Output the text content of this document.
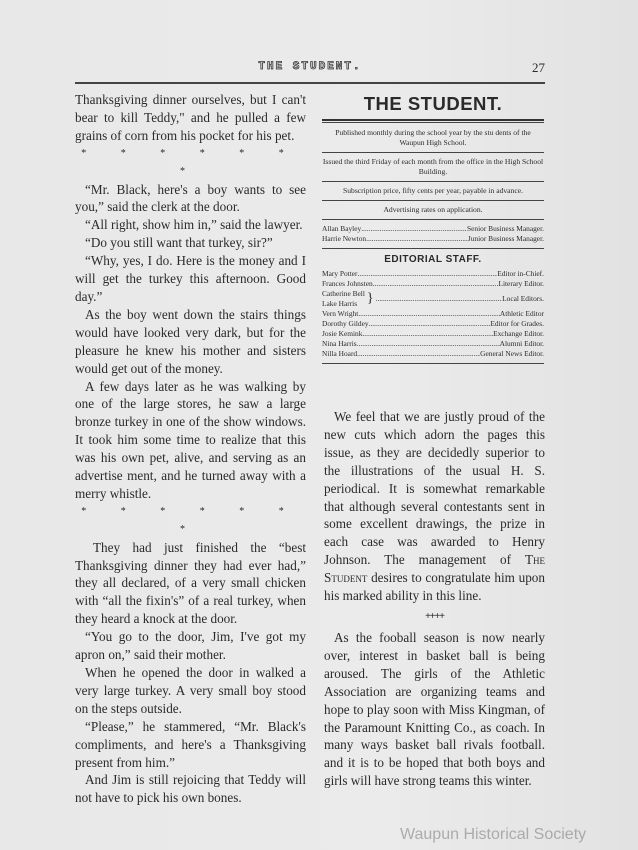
THE STUDENT.	27

Thanksgiving dinner ourselves, but I can't bear to kill Teddy," and he pulled a few grains of corn from his pocket for his pet.

* * * * * * *

“Mr. Black, here's a boy wants to see you,” said the clerk at the door.

“All right, show him in,” said the lawyer.

“Do you still want that turkey, sir?”

“Why, yes, I do. Here is the money and I will get the turkey this afternoon. Good day.”

As the boy went down the stairs things would have looked very dark, but for the pleasure he knew his mother and sisters would get out of the money.

A few days later as he was walking by one of the large stores, he saw a large bronze turkey in one of the show windows. It took him some time to realize that this was his own pet, alive, and serving as an advertise ment, and he turned away with a merry whistle.

* * * * * * *

They had just finished the “best Thanksgiving dinner they had ever had,” they all declared, of a very small chicken with “all the fixin's” of a real turkey, when they heard a knock at the door.

“You go to the door, Jim, I've got my apron on,” said their mother.

When he opened the door in walked a very large turkey. A very small boy stood on the steps outside.

“Please,” he stammered, “Mr. Black's compliments, and here's a Thanksgiving present from him.”

And Jim is still rejoicing that Teddy will not have to pick his own bones.

THE STUDENT.
Published monthly during the school year by the stu dents of the Waupun High School.
Issued the third Friday of each month from the office in the High School Building.
Subscription price, fifty cents per year, payable in advance.
Advertising rates on application.
Allan Bayley .....	Senior Business Manager.
Harrie Newton .....	Junior Business Manager.
EDITORIAL STAFF.
Mary Potter .....	Editor in-Chief.
Frances Johnsten .....	Literary Editor.
Catherine Bell
Lake Harris } .....	Local Editors.
Vern Wright .....	Athletic Editor
Dorothy Gildey .....	Editor for Grades.
Josie Kemink .....	Exchange Editor.
Nina Harris .....	Alumni Editor.
Nilla Hoard .....	General News Editor.

We feel that we are justly proud of the new cuts which adorn the pages this issue, as they are decidedly superior to the illustrations of the usual H. S. periodical. It is somewhat remarkable that although several contestants sent in some excellent drawings, the prize in each case was awarded to Henry Johnson. The management of The Student desires to congratulate him upon his marked ability in this line.

++++

As the fooball season is now nearly over, interest in basket ball is being aroused. The girls of the Athletic Association are organizing teams and hope to play soon with Miss Kingman, of the Paramount Knitting Co., as coach. In many ways basket ball rivals football. and it is to be hoped that both boys and girls will have strong teams this winter.

Waupun Historical Society
